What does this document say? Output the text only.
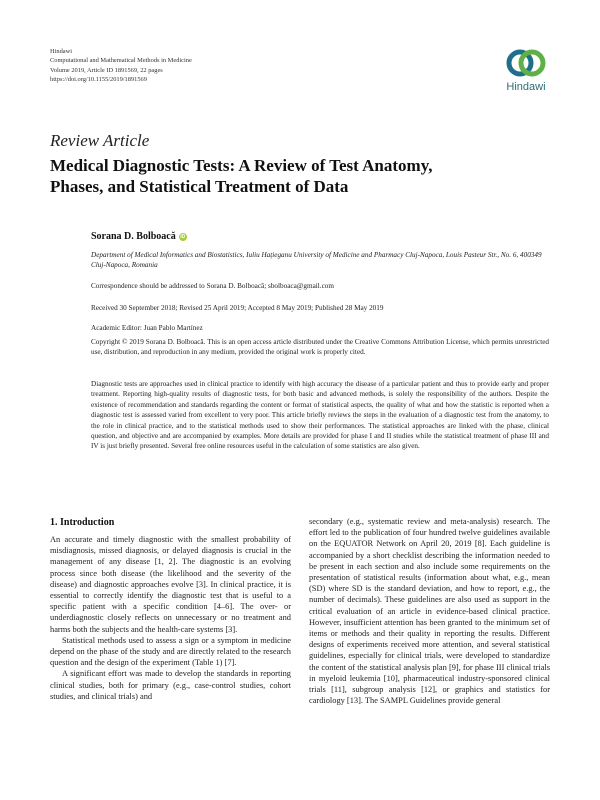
Hindawi
Computational and Mathematical Methods in Medicine
Volume 2019, Article ID 1891569, 22 pages
https://doi.org/10.1155/2019/1891569
Hindawi
Review Article
Medical Diagnostic Tests: A Review of Test Anatomy, Phases, and Statistical Treatment of Data
Sorana D. Bolboacă iD
Department of Medical Informatics and Biostatistics, Iuliu Hațieganu University of Medicine and Pharmacy Cluj-Napoca, Louis Pasteur Str., No. 6, 400349 Cluj-Napoca, Romania
Correspondence should be addressed to Sorana D. Bolboacă; sbolboaca@gmail.com
Received 30 September 2018; Revised 25 April 2019; Accepted 8 May 2019; Published 28 May 2019
Academic Editor: Juan Pablo Martínez
Copyright © 2019 Sorana D. Bolboacă. This is an open access article distributed under the Creative Commons Attribution License, which permits unrestricted use, distribution, and reproduction in any medium, provided the original work is properly cited.
Diagnostic tests are approaches used in clinical practice to identify with high accuracy the disease of a particular patient and thus to provide early and proper treatment. Reporting high-quality results of diagnostic tests, for both basic and advanced methods, is solely the responsibility of the authors. Despite the existence of recommendation and standards regarding the content or format of statistical aspects, the quality of what and how the statistic is reported when a diagnostic test is assessed varied from excellent to very poor. This article briefly reviews the steps in the evaluation of a diagnostic test from the anatomy, to the role in clinical practice, and to the statistical methods used to show their performances. The statistical approaches are linked with the phase, clinical question, and objective and are accompanied by examples. More details are provided for phase I and II studies while the statistical treatment of phase III and IV is just briefly presented. Several free online resources useful in the calculation of some statistics are also given.
1. Introduction

An accurate and timely diagnostic with the smallest probability of misdiagnosis, missed diagnosis, or delayed diagnosis is crucial in the management of any disease [1, 2]. The diagnostic is an evolving process since both disease (the likelihood and the severity of the disease) and diagnostic approaches evolve [3]. In clinical practice, it is essential to correctly identify the diagnostic test that is useful to a specific patient with a specific condition [4–6]. The over- or underdiagnostic closely reflects on unnecessary or no treatment and harms both the subjects and the health-care systems [3].

Statistical methods used to assess a sign or a symptom in medicine depend on the phase of the study and are directly related to the research question and the design of the experiment (Table 1) [7].

A significant effort was made to develop the standards in reporting clinical studies, both for primary (e.g., case-control studies, cohort studies, and clinical trials) and

secondary (e.g., systematic review and meta-analysis) research. The effort led to the publication of four hundred twelve guidelines available on the EQUATOR Network on April 20, 2019 [8]. Each guideline is accompanied by a short checklist describing the information needed to be present in each section and also include some requirements on the presentation of statistical results (information about what, e.g., mean (SD) where SD is the standard deviation, and how to report, e.g., the number of decimals). These guidelines are also used as support in the critical evaluation of an article in evidence-based clinical practice. However, insufficient attention has been granted to the minimum set of items or methods and their quality in reporting the results. Different designs of experiments received more attention, and several statistical guidelines, especially for clinical trials, were developed to standardize the content of the statistical analysis plan [9], for phase III clinical trials in myeloid leukemia [10], pharmaceutical industry-sponsored clinical trials [11], subgroup analysis [12], or graphics and statistics for cardiology [13]. The SAMPL Guidelines provide general
